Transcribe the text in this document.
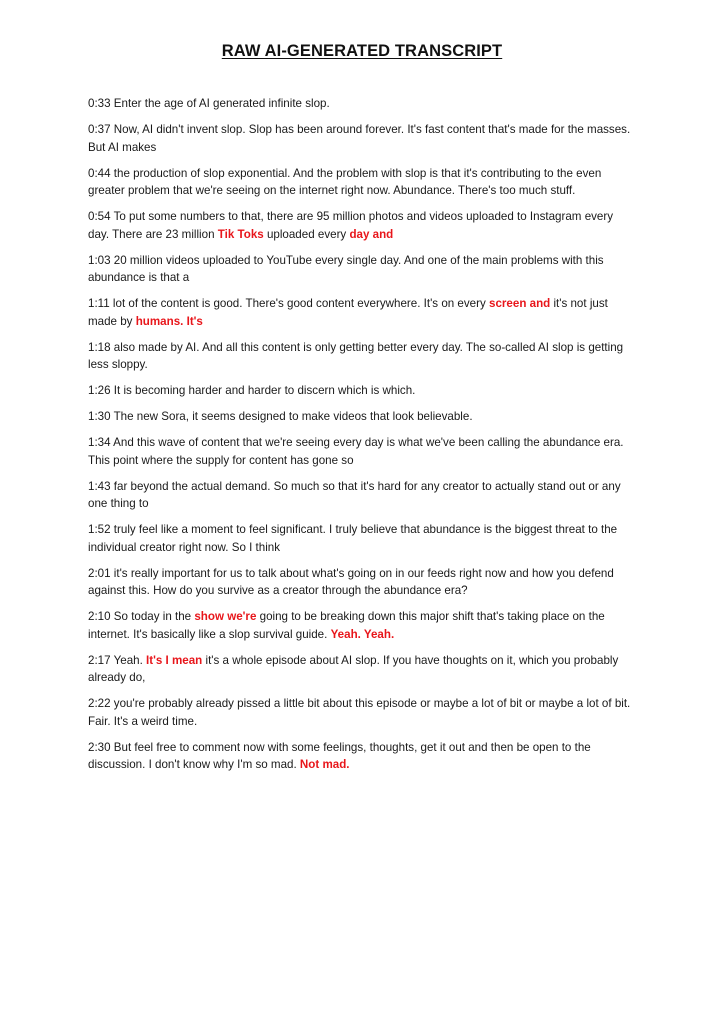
RAW AI-GENERATED TRANSCRIPT

0:33 Enter the age of AI generated infinite slop.

0:37 Now, AI didn't invent slop. Slop has been around forever. It's fast content that's made for the masses. But AI makes

0:44 the production of slop exponential. And the problem with slop is that it's contributing to the even greater problem that we're seeing on the internet right now. Abundance. There's too much stuff.

0:54 To put some numbers to that, there are 95 million photos and videos uploaded to Instagram every day. There are 23 million Tik Toks uploaded every day and

1:03 20 million videos uploaded to YouTube every single day. And one of the main problems with this abundance is that a

1:11 lot of the content is good. There's good content everywhere. It's on every screen and it's not just made by humans. It's

1:18 also made by AI. And all this content is only getting better every day. The so-called AI slop is getting less sloppy.

1:26 It is becoming harder and harder to discern which is which.

1:30 The new Sora, it seems designed to make videos that look believable.

1:34 And this wave of content that we're seeing every day is what we've been calling the abundance era. This point where the supply for content has gone so

1:43 far beyond the actual demand. So much so that it's hard for any creator to actually stand out or any one thing to

1:52 truly feel like a moment to feel significant. I truly believe that abundance is the biggest threat to the individual creator right now. So I think

2:01 it's really important for us to talk about what's going on in our feeds right now and how you defend against this. How do you survive as a creator through the abundance era?

2:10 So today in the show we're going to be breaking down this major shift that's taking place on the internet. It's basically like a slop survival guide. Yeah. Yeah.

2:17 Yeah. It's I mean it's a whole episode about AI slop. If you have thoughts on it, which you probably already do,

2:22 you're probably already pissed a little bit about this episode or maybe a lot of bit or maybe a lot of bit. Fair. It's a weird time.

2:30 But feel free to comment now with some feelings, thoughts, get it out and then be open to the discussion. I don't know why I'm so mad. Not mad.
